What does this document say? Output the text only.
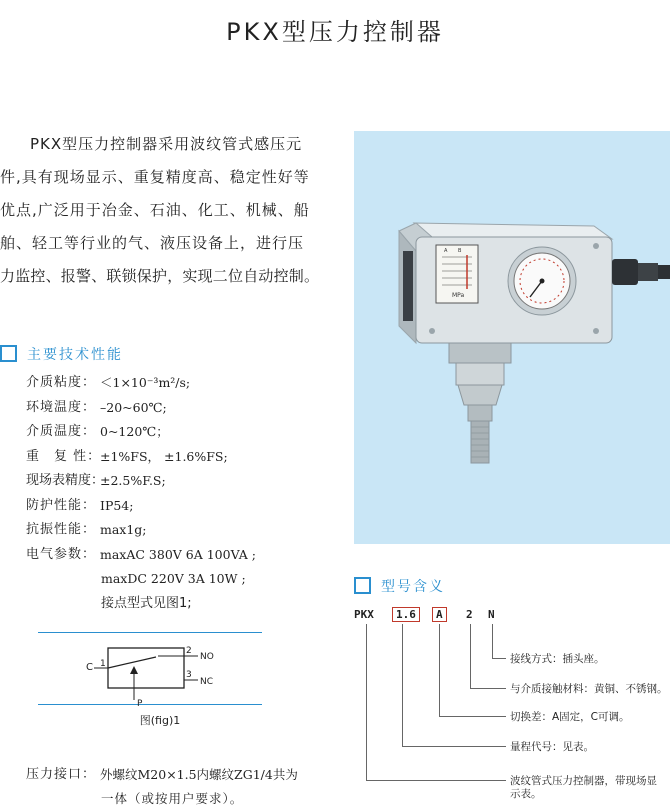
PKX型压力控制器

PKX型压力控制器采用波纹管式感压元

件,具有现场显示、重复精度高、稳定性好等

优点,广泛用于冶金、石油、化工、机械、船

舶、轻工等行业的气、液压设备上，进行压

力监控、报警、联锁保护，实现二位自动控制。

A B
MPa
主要技术性能
介质粘度： ＜1×10⁻³m²/s;
环境温度： –20~60℃;
介质温度： 0~120℃；
重　复 性：
±1%FS， ±1.6%FS;
现场表精度：
±2.5%F.S;
防护性能： IP54;
抗振性能： max1g;
电气参数： maxAC 380V 6A 100VA ;
maxDC 220V 3A 10W ;
接点型式见图1;
C 1
2
NO
3
NC
P
图(fig)1
压力接口： 外螺纹M20×1.5内螺纹ZG1/4共为
一体（或按用户要求）。
型号含义
PKX	1.6	A	2 N
接线方式：插头座。
与介质接触材料：黄铜、不锈钢。
切换差：A固定，C可调。
量程代号：见表。
波纹管式压力控制器，带现场显
示表。
